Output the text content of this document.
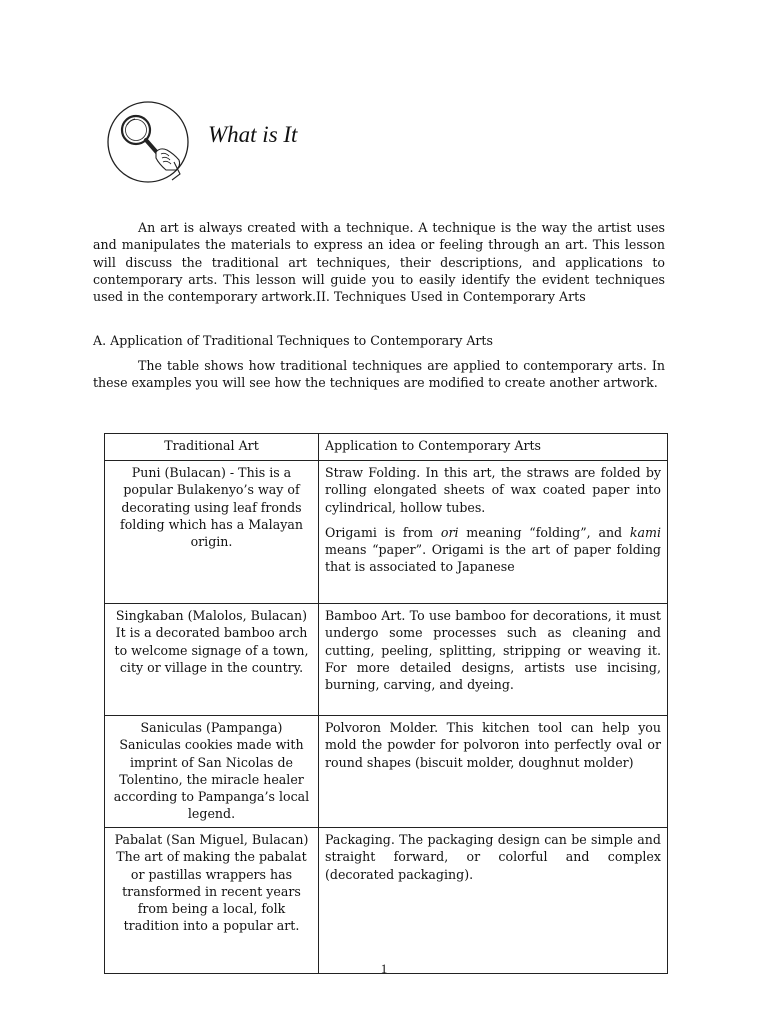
What is It
An art is always created with a technique. A technique is the way the artist uses and manipulates the materials to express an idea or feeling through an art. This lesson will discuss the traditional art techniques, their descriptions, and applications to contemporary arts. This lesson will guide you to easily identify the evident techniques used in the contemporary artwork.II. Techniques Used in Contemporary Arts
A. Application of Traditional Techniques to Contemporary Arts
The table shows how traditional techniques are applied to contemporary arts. In these examples you will see how the techniques are modified to create another artwork.
Traditional Art	Application to Contemporary Arts
Puni (Bulacan) - This is a popular Bulakenyo’s way of decorating using leaf fronds folding which has a Malayan origin.	Straw Folding. In this art, the straws are folded by rolling elongated sheets of wax coated paper into cylindrical, hollow tubes.
Origami is from ori meaning “folding”, and kami means “paper”. Origami is the art of paper folding that is associated to Japanese

Singkaban (Malolos, Bulacan) It is a decorated bamboo arch to welcome signage of a town, city or village in the country.	Bamboo Art. To use bamboo for decorations, it must undergo some processes such as cleaning and cutting, peeling, splitting, stripping or weaving it. For more detailed designs, artists use incising, burning, carving, and dyeing.
Saniculas (Pampanga) Saniculas cookies made with imprint of San Nicolas de Tolentino, the miracle healer according to Pampanga’s local legend.	Polvoron Molder. This kitchen tool can help you mold the powder for polvoron into perfectly oval or round shapes (biscuit molder, doughnut molder)
Pabalat (San Miguel, Bulacan) The art of making the pabalat or pastillas wrappers has transformed in recent years from being a local, folk tradition into a popular art.	Packaging. The packaging design can be simple and straight forward, or colorful and complex (decorated packaging).
1
